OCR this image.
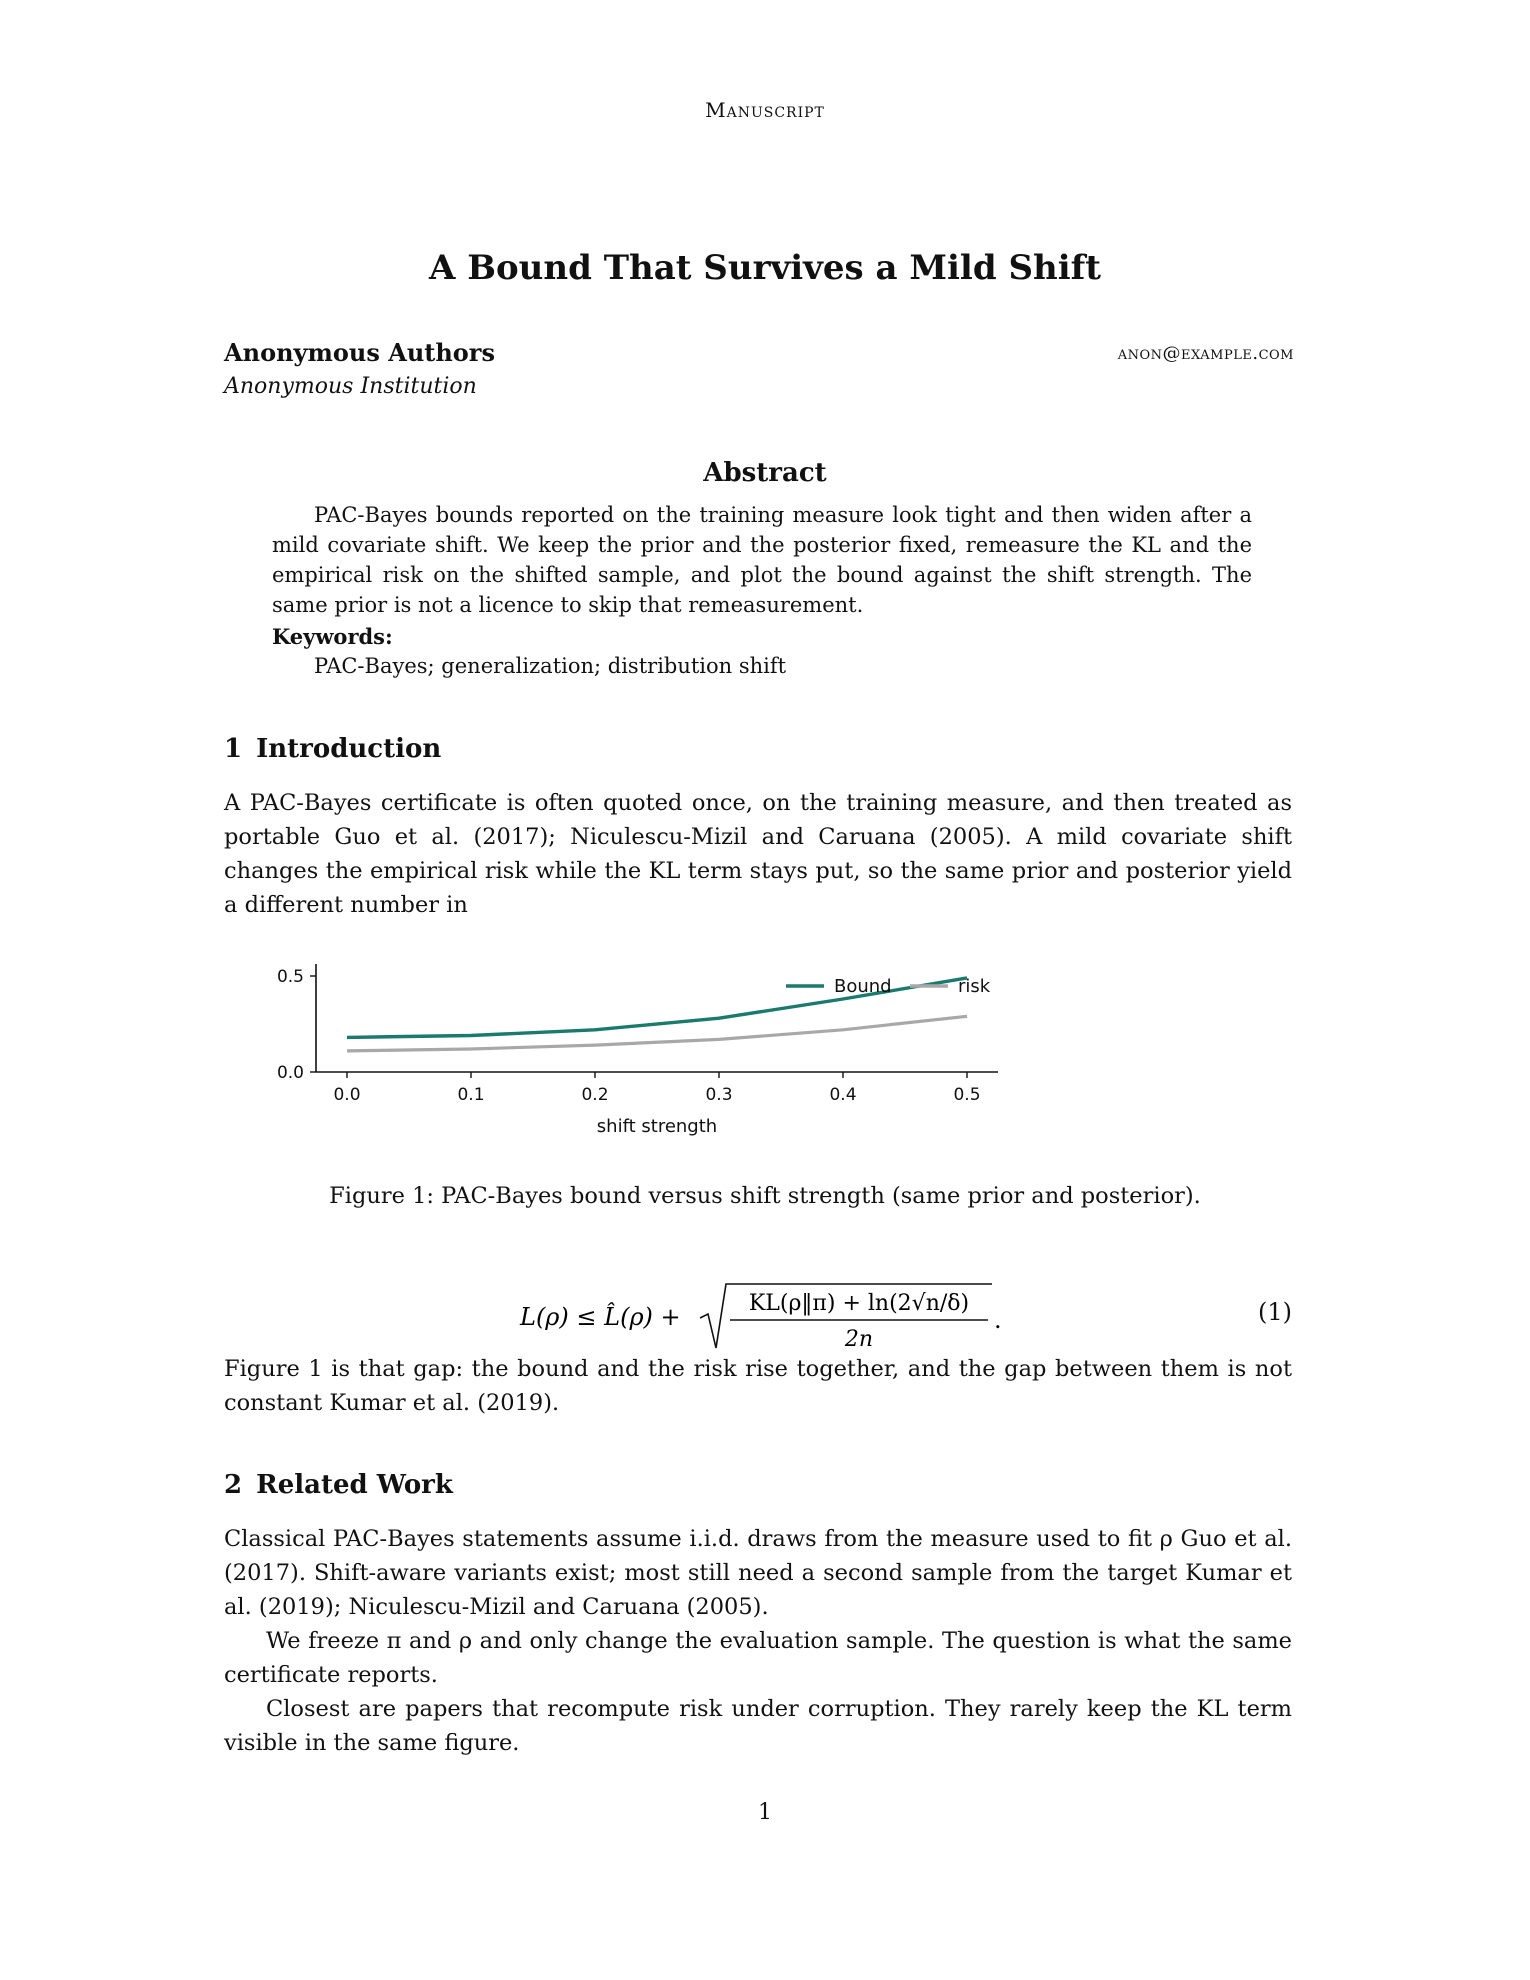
Manuscript
A Bound That Survives a Mild Shift
Anonymous Authors	anon@example.com
Anonymous Institution
Abstract

PAC-Bayes bounds reported on the training measure look tight and then widen after a mild covariate shift. We keep the prior and the posterior fixed, remeasure the KL and the empirical risk on the shifted sample, and plot the bound against the shift strength. The same prior is not a licence to skip that remeasurement.

Keywords:
PAC-Bayes; generalization; distribution shift
1 Introduction

A PAC-Bayes certificate is often quoted once, on the training measure, and then treated as portable Guo et al. (2017); Niculescu-Mizil and Caruana (2005). A mild covariate shift changes the empirical risk while the KL term stays put, so the same prior and posterior yield a different number in

0.0	0.1	0.2	0.3	0.4	0.5
0.0
0.5
shift strength
Bound	risk
Figure 1: PAC-Bayes bound versus shift strength (same prior and posterior).
L(ρ) ≤ L̂(ρ) +	KL(ρ‖π) + ln(2√n/δ)
2n
.	(1)

Figure 1 is that gap: the bound and the risk rise together, and the gap between them is not constant Kumar et al. (2019).

2 Related Work

Classical PAC-Bayes statements assume i.i.d. draws from the measure used to fit ρ Guo et al. (2017). Shift-aware variants exist; most still need a second sample from the target Kumar et al. (2019); Niculescu-Mizil and Caruana (2005).

We freeze π and ρ and only change the evaluation sample. The question is what the same certificate reports.

Closest are papers that recompute risk under corruption. They rarely keep the KL term visible in the same figure.

1
